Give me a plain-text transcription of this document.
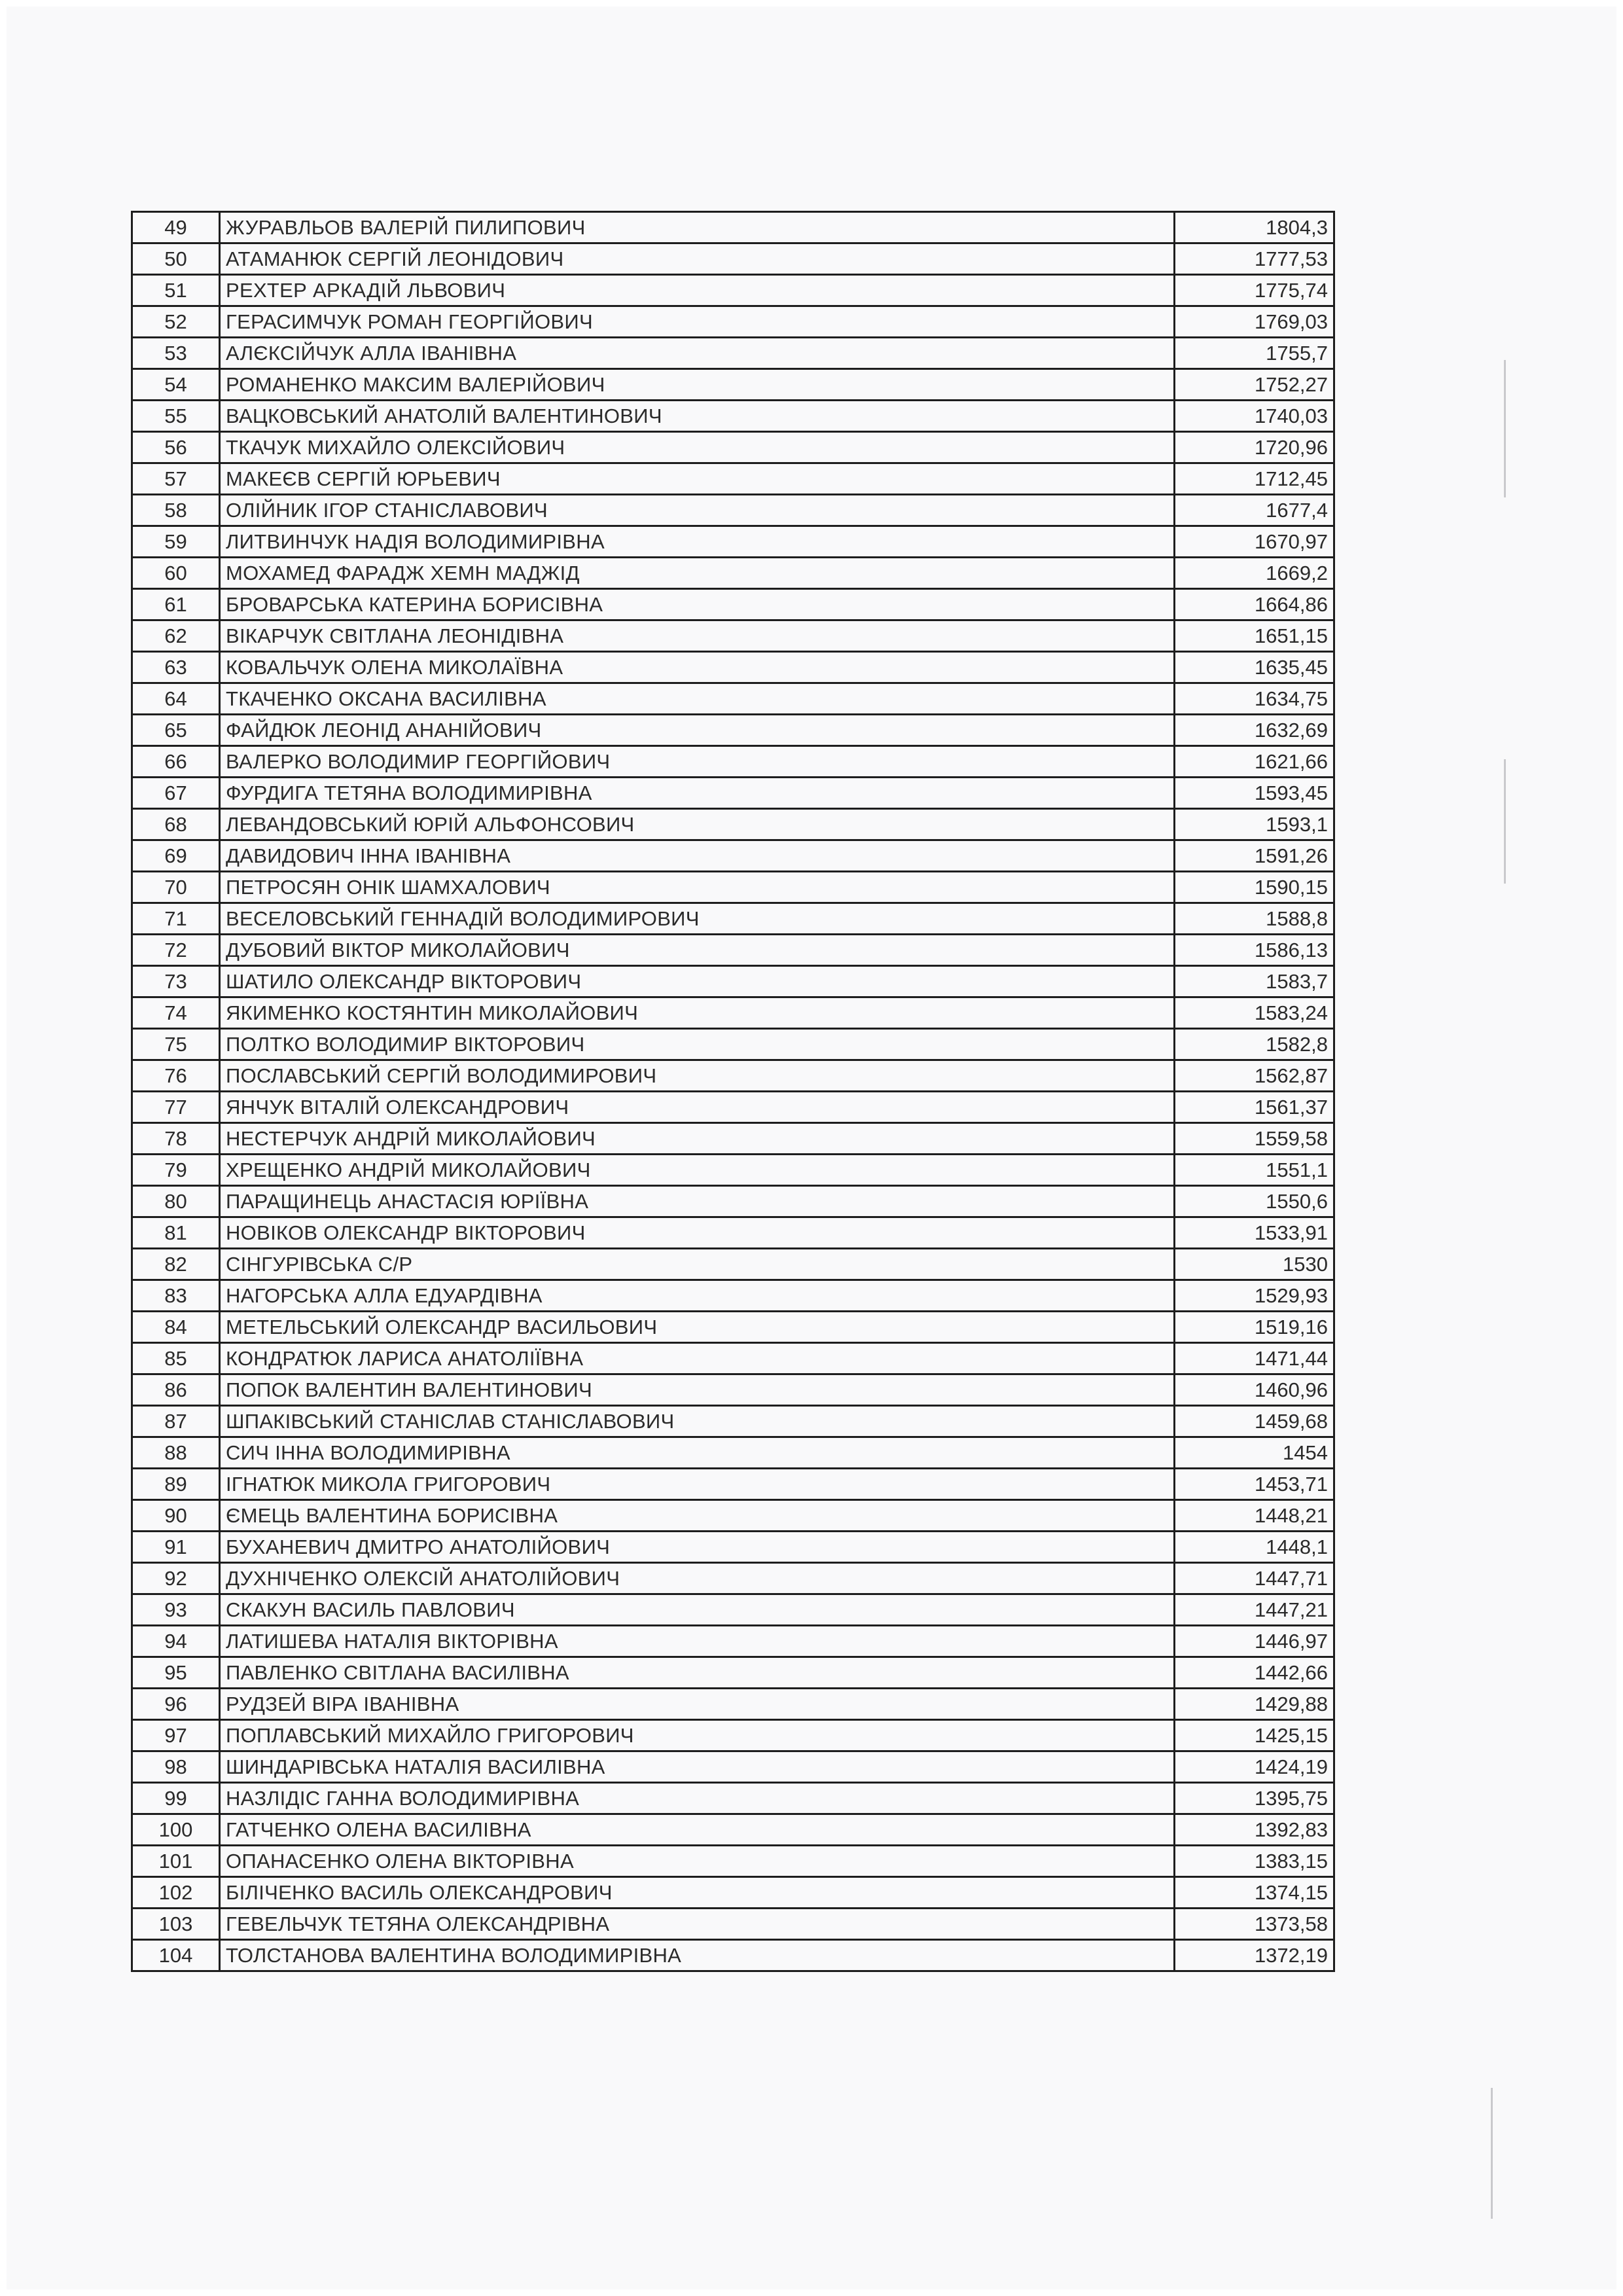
49	ЖУРАВЛЬОВ ВАЛЕРІЙ ПИЛИПОВИЧ	1804,3
50	АТАМАНЮК СЕРГІЙ ЛЕОНІДОВИЧ	1777,53
51	РЕХТЕР АРКАДІЙ ЛЬВОВИЧ	1775,74
52	ГЕРАСИМЧУК РОМАН ГЕОРГІЙОВИЧ	1769,03
53	АЛЄКСІЙЧУК АЛЛА ІВАНІВНА	1755,7
54	РОМАНЕНКО МАКСИМ ВАЛЕРІЙОВИЧ	1752,27
55	ВАЦКОВСЬКИЙ АНАТОЛІЙ ВАЛЕНТИНОВИЧ	1740,03
56	ТКАЧУК МИХАЙЛО ОЛЕКСІЙОВИЧ	1720,96
57	МАКЕЄВ СЕРГІЙ ЮРЬЕВИЧ	1712,45
58	ОЛІЙНИК ІГОР СТАНІСЛАВОВИЧ	1677,4
59	ЛИТВИНЧУК НАДІЯ ВОЛОДИМИРІВНА	1670,97
60	МОХАМЕД ФАРАДЖ ХЕМН МАДЖІД	1669,2
61	БРОВАРСЬКА КАТЕРИНА БОРИСІВНА	1664,86
62	ВІКАРЧУК СВІТЛАНА ЛЕОНІДІВНА	1651,15
63	КОВАЛЬЧУК ОЛЕНА МИКОЛАЇВНА	1635,45
64	ТКАЧЕНКО ОКСАНА ВАСИЛІВНА	1634,75
65	ФАЙДЮК ЛЕОНІД АНАНІЙОВИЧ	1632,69
66	ВАЛЕРКО ВОЛОДИМИР ГЕОРГІЙОВИЧ	1621,66
67	ФУРДИГА ТЕТЯНА ВОЛОДИМИРІВНА	1593,45
68	ЛЕВАНДОВСЬКИЙ ЮРІЙ АЛЬФОНСОВИЧ	1593,1
69	ДАВИДОВИЧ ІННА ІВАНІВНА	1591,26
70	ПЕТРОСЯН ОНІК ШАМХАЛОВИЧ	1590,15
71	ВЕСЕЛОВСЬКИЙ ГЕННАДІЙ ВОЛОДИМИРОВИЧ	1588,8
72	ДУБОВИЙ ВІКТОР МИКОЛАЙОВИЧ	1586,13
73	ШАТИЛО ОЛЕКСАНДР ВІКТОРОВИЧ	1583,7
74	ЯКИМЕНКО КОСТЯНТИН МИКОЛАЙОВИЧ	1583,24
75	ПОЛТКО ВОЛОДИМИР ВІКТОРОВИЧ	1582,8
76	ПОСЛАВСЬКИЙ СЕРГІЙ ВОЛОДИМИРОВИЧ	1562,87
77	ЯНЧУК ВІТАЛІЙ ОЛЕКСАНДРОВИЧ	1561,37
78	НЕСТЕРЧУК АНДРІЙ МИКОЛАЙОВИЧ	1559,58
79	ХРЕЩЕНКО АНДРІЙ МИКОЛАЙОВИЧ	1551,1
80	ПАРАЩИНЕЦЬ АНАСТАСІЯ ЮРІЇВНА	1550,6
81	НОВІКОВ ОЛЕКСАНДР ВІКТОРОВИЧ	1533,91
82	СІНГУРІВСЬКА С/Р	1530
83	НАГОРСЬКА АЛЛА ЕДУАРДІВНА	1529,93
84	МЕТЕЛЬСЬКИЙ ОЛЕКСАНДР ВАСИЛЬОВИЧ	1519,16
85	КОНДРАТЮК ЛАРИСА АНАТОЛІЇВНА	1471,44
86	ПОПОК ВАЛЕНТИН ВАЛЕНТИНОВИЧ	1460,96
87	ШПАКІВСЬКИЙ СТАНІСЛАВ СТАНІСЛАВОВИЧ	1459,68
88	СИЧ ІННА ВОЛОДИМИРІВНА	1454
89	ІГНАТЮК МИКОЛА ГРИГОРОВИЧ	1453,71
90	ЄМЕЦЬ ВАЛЕНТИНА БОРИСІВНА	1448,21
91	БУХАНЕВИЧ ДМИТРО АНАТОЛІЙОВИЧ	1448,1
92	ДУХНІЧЕНКО ОЛЕКСІЙ АНАТОЛІЙОВИЧ	1447,71
93	СКАКУН ВАСИЛЬ ПАВЛОВИЧ	1447,21
94	ЛАТИШЕВА НАТАЛІЯ ВІКТОРІВНА	1446,97
95	ПАВЛЕНКО СВІТЛАНА ВАСИЛІВНА	1442,66
96	РУДЗЕЙ ВІРА ІВАНІВНА	1429,88
97	ПОПЛАВСЬКИЙ МИХАЙЛО ГРИГОРОВИЧ	1425,15
98	ШИНДАРІВСЬКА НАТАЛІЯ ВАСИЛІВНА	1424,19
99	НАЗЛІДІС ГАННА ВОЛОДИМИРІВНА	1395,75
100	ГАТЧЕНКО ОЛЕНА ВАСИЛІВНА	1392,83
101	ОПАНАСЕНКО ОЛЕНА ВІКТОРІВНА	1383,15
102	БІЛІЧЕНКО ВАСИЛЬ ОЛЕКСАНДРОВИЧ	1374,15
103	ГЕВЕЛЬЧУК ТЕТЯНА ОЛЕКСАНДРІВНА	1373,58
104	ТОЛСТАНОВА ВАЛЕНТИНА ВОЛОДИМИРІВНА	1372,19
